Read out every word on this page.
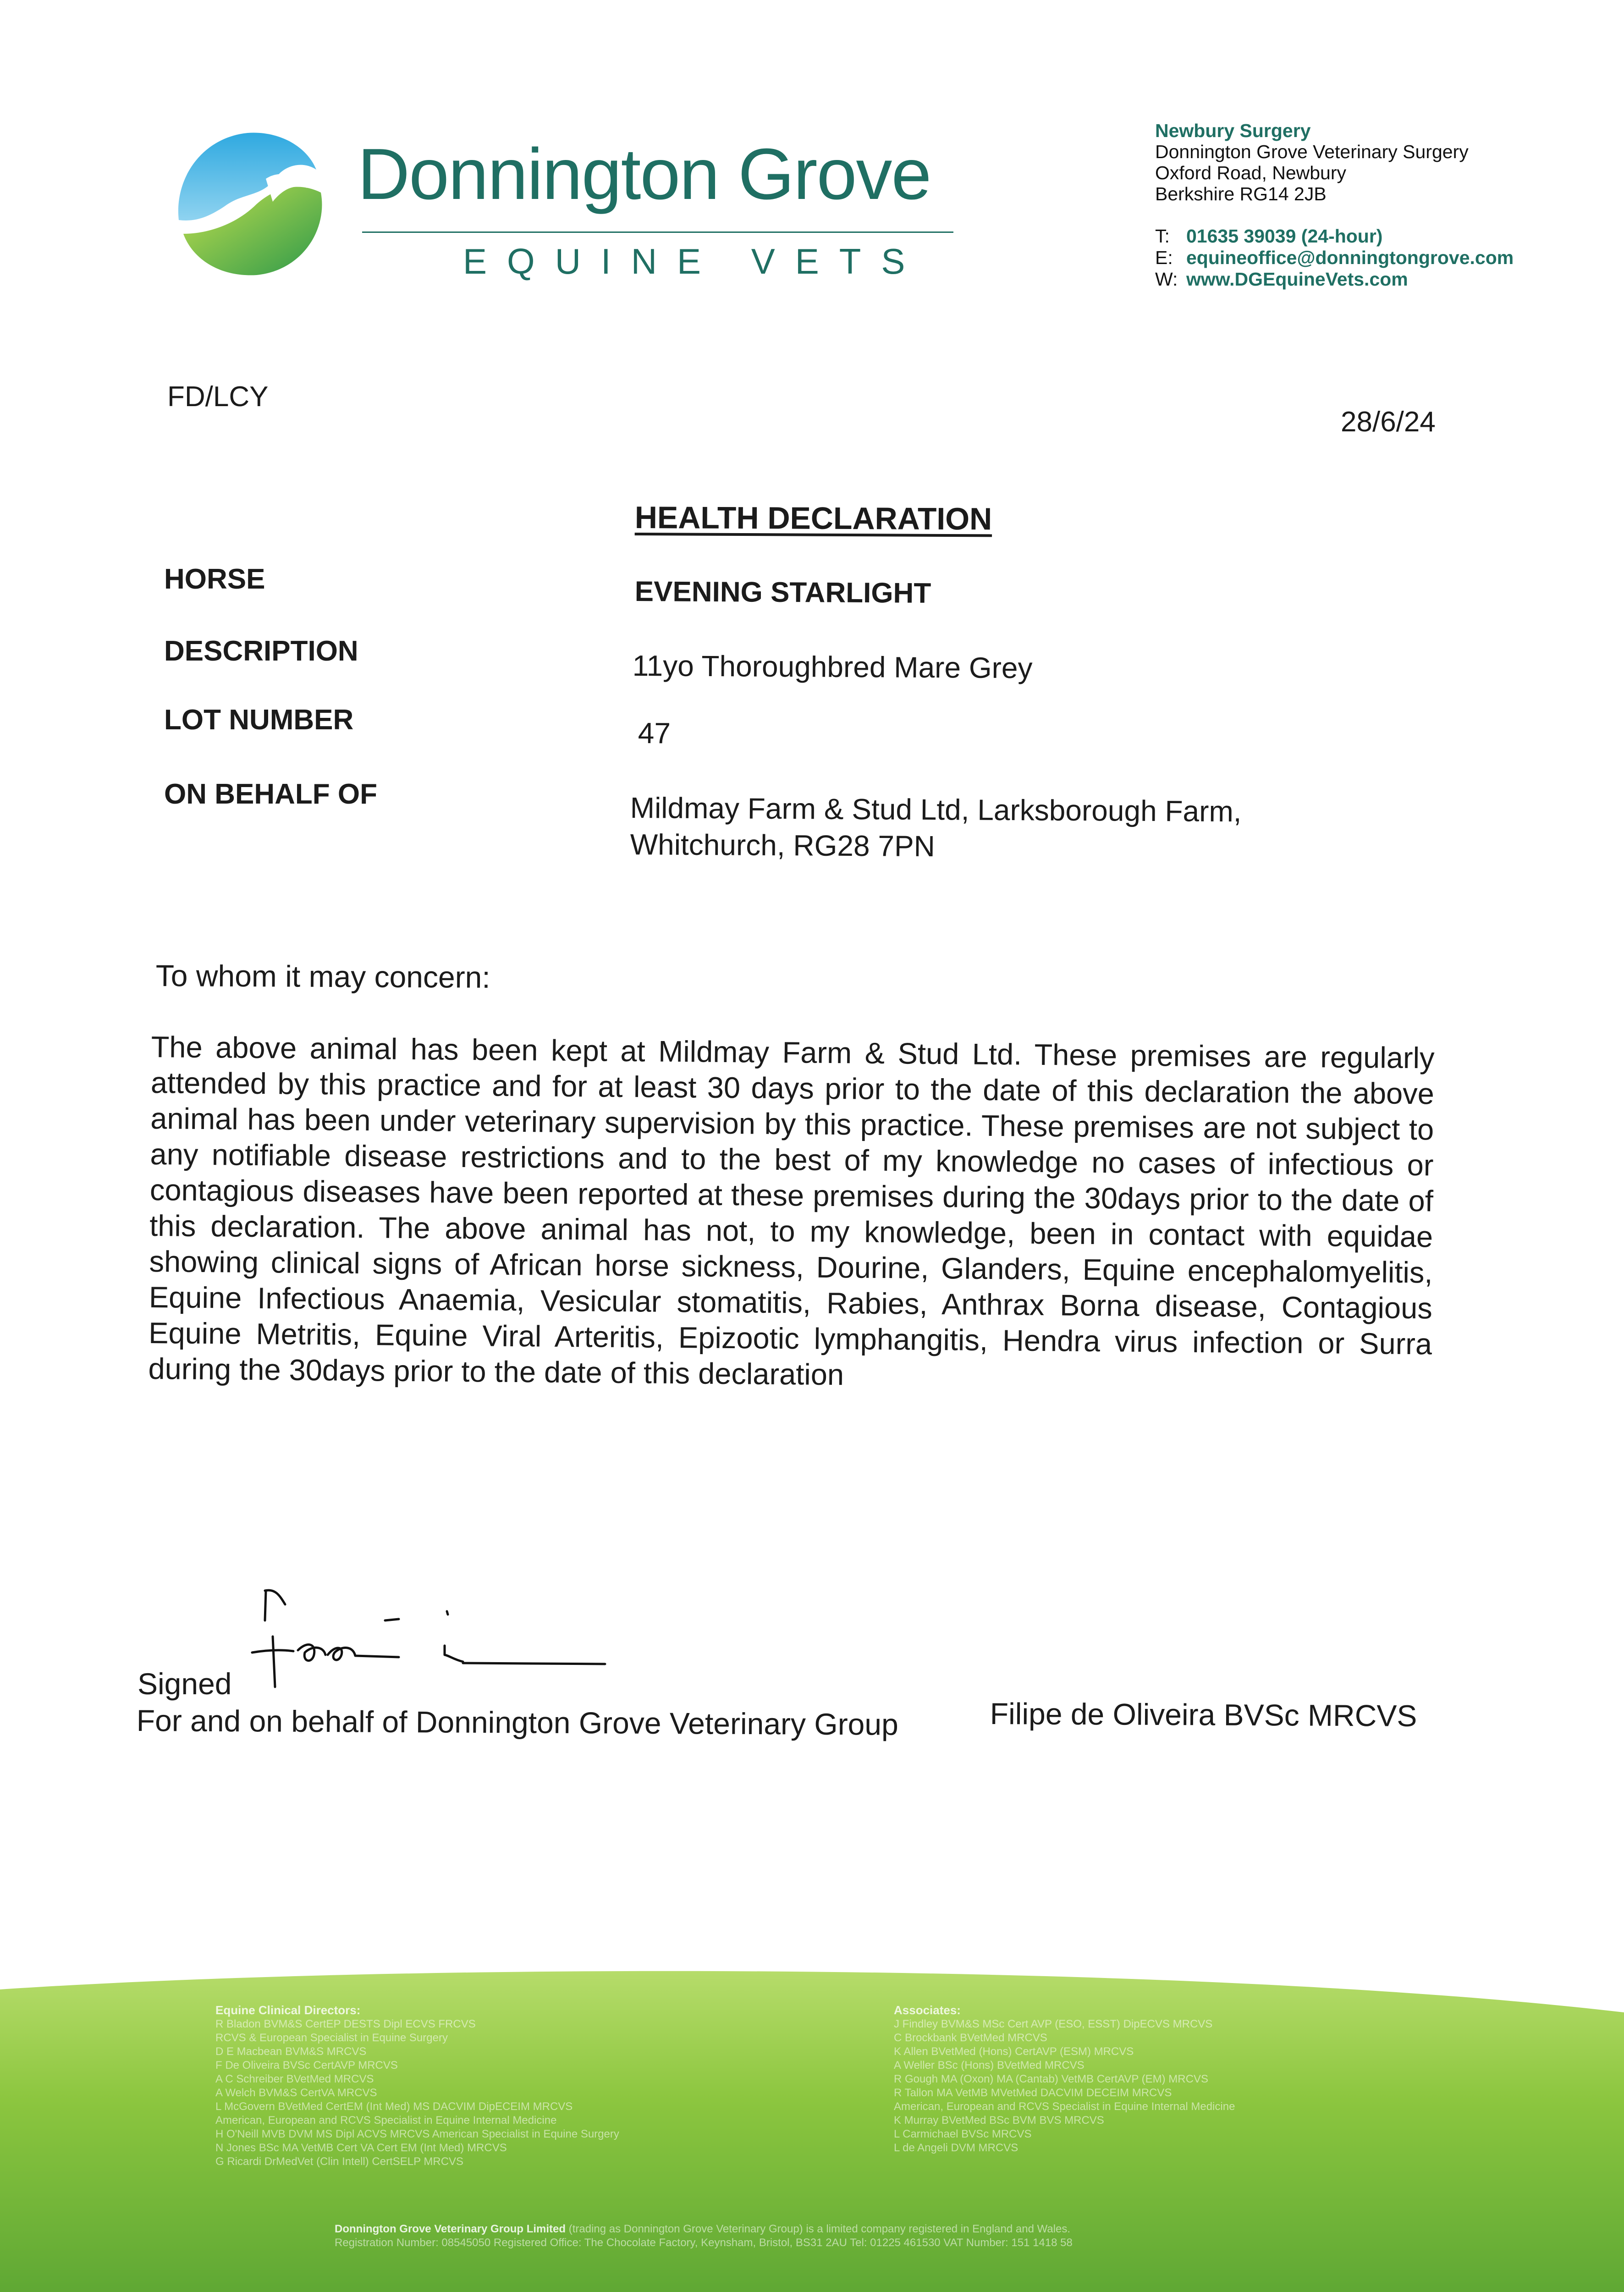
Donnington Grove
EQUINE VETS
Newbury Surgery
Donnington Grove Veterinary Surgery
Oxford Road, Newbury
Berkshire RG14 2JB
T: 01635 39039 (24-hour)
E: equineoffice@donningtongrove.com
W: www.DGEquineVets.com
FD/LCY
28/6/24
HEALTH DECLARATION
HORSE	EVENING STARLIGHT
DESCRIPTION	11yo Thoroughbred Mare Grey
LOT NUMBER	47
ON BEHALF OF	Mildmay Farm & Stud Ltd, Larksborough Farm,
Whitchurch, RG28 7PN
To whom it may concern:
The above animal has been kept at Mildmay Farm & Stud Ltd. These premises are regularly attended by this practice and for at least 30 days prior to the date of this declaration the above animal has been under veterinary supervision by this practice. These premises are not subject to any notifiable disease restrictions and to the best of my knowledge no cases of infectious or contagious diseases have been reported at these premises during the 30days prior to the date of this declaration. The above animal has not, to my knowledge, been in contact with equidae showing clinical signs of African horse sickness, Dourine, Glanders, Equine encephalomyelitis, Equine Infectious Anaemia, Vesicular stomatitis, Rabies, Anthrax Borna disease, Contagious Equine Metritis, Equine Viral Arteritis, Epizootic lymphangitis, Hendra virus infection or Surra during the 30days prior to the date of this declaration
Signed
For and on behalf of Donnington Grove Veterinary Group	Filipe de Oliveira BVSc MRCVS
Equine Clinical Directors:
R Bladon BVM&S CertEP DESTS Dipl ECVS FRCVS
RCVS & European Specialist in Equine Surgery
D E Macbean BVM&S MRCVS
F De Oliveira BVSc CertAVP MRCVS
A C Schreiber BVetMed MRCVS
A Welch BVM&S CertVA MRCVS
L McGovern BVetMed CertEM (Int Med) MS DACVIM DipECEIM MRCVS
American, European and RCVS Specialist in Equine Internal Medicine
H O'Neill MVB DVM MS Dipl ACVS MRCVS American Specialist in Equine Surgery
N Jones BSc MA VetMB Cert VA Cert EM (Int Med) MRCVS
G Ricardi DrMedVet (Clin Intell) CertSELP MRCVS
Associates:
J Findley BVM&S MSc Cert AVP (ESO, ESST) DipECVS MRCVS
C Brockbank BVetMed MRCVS
K Allen BVetMed (Hons) CertAVP (ESM) MRCVS
A Weller BSc (Hons) BVetMed MRCVS
R Gough MA (Oxon) MA (Cantab) VetMB CertAVP (EM) MRCVS
R Tallon MA VetMB MVetMed DACVIM DECEIM MRCVS
American, European and RCVS Specialist in Equine Internal Medicine
K Murray BVetMed BSc BVM BVS MRCVS
L Carmichael BVSc MRCVS
L de Angeli DVM MRCVS
Donnington Grove Veterinary Group Limited (trading as Donnington Grove Veterinary Group) is a limited company registered in England and Wales.
Registration Number: 08545050 Registered Office: The Chocolate Factory, Keynsham, Bristol, BS31 2AU Tel: 01225 461530 VAT Number: 151 1418 58
